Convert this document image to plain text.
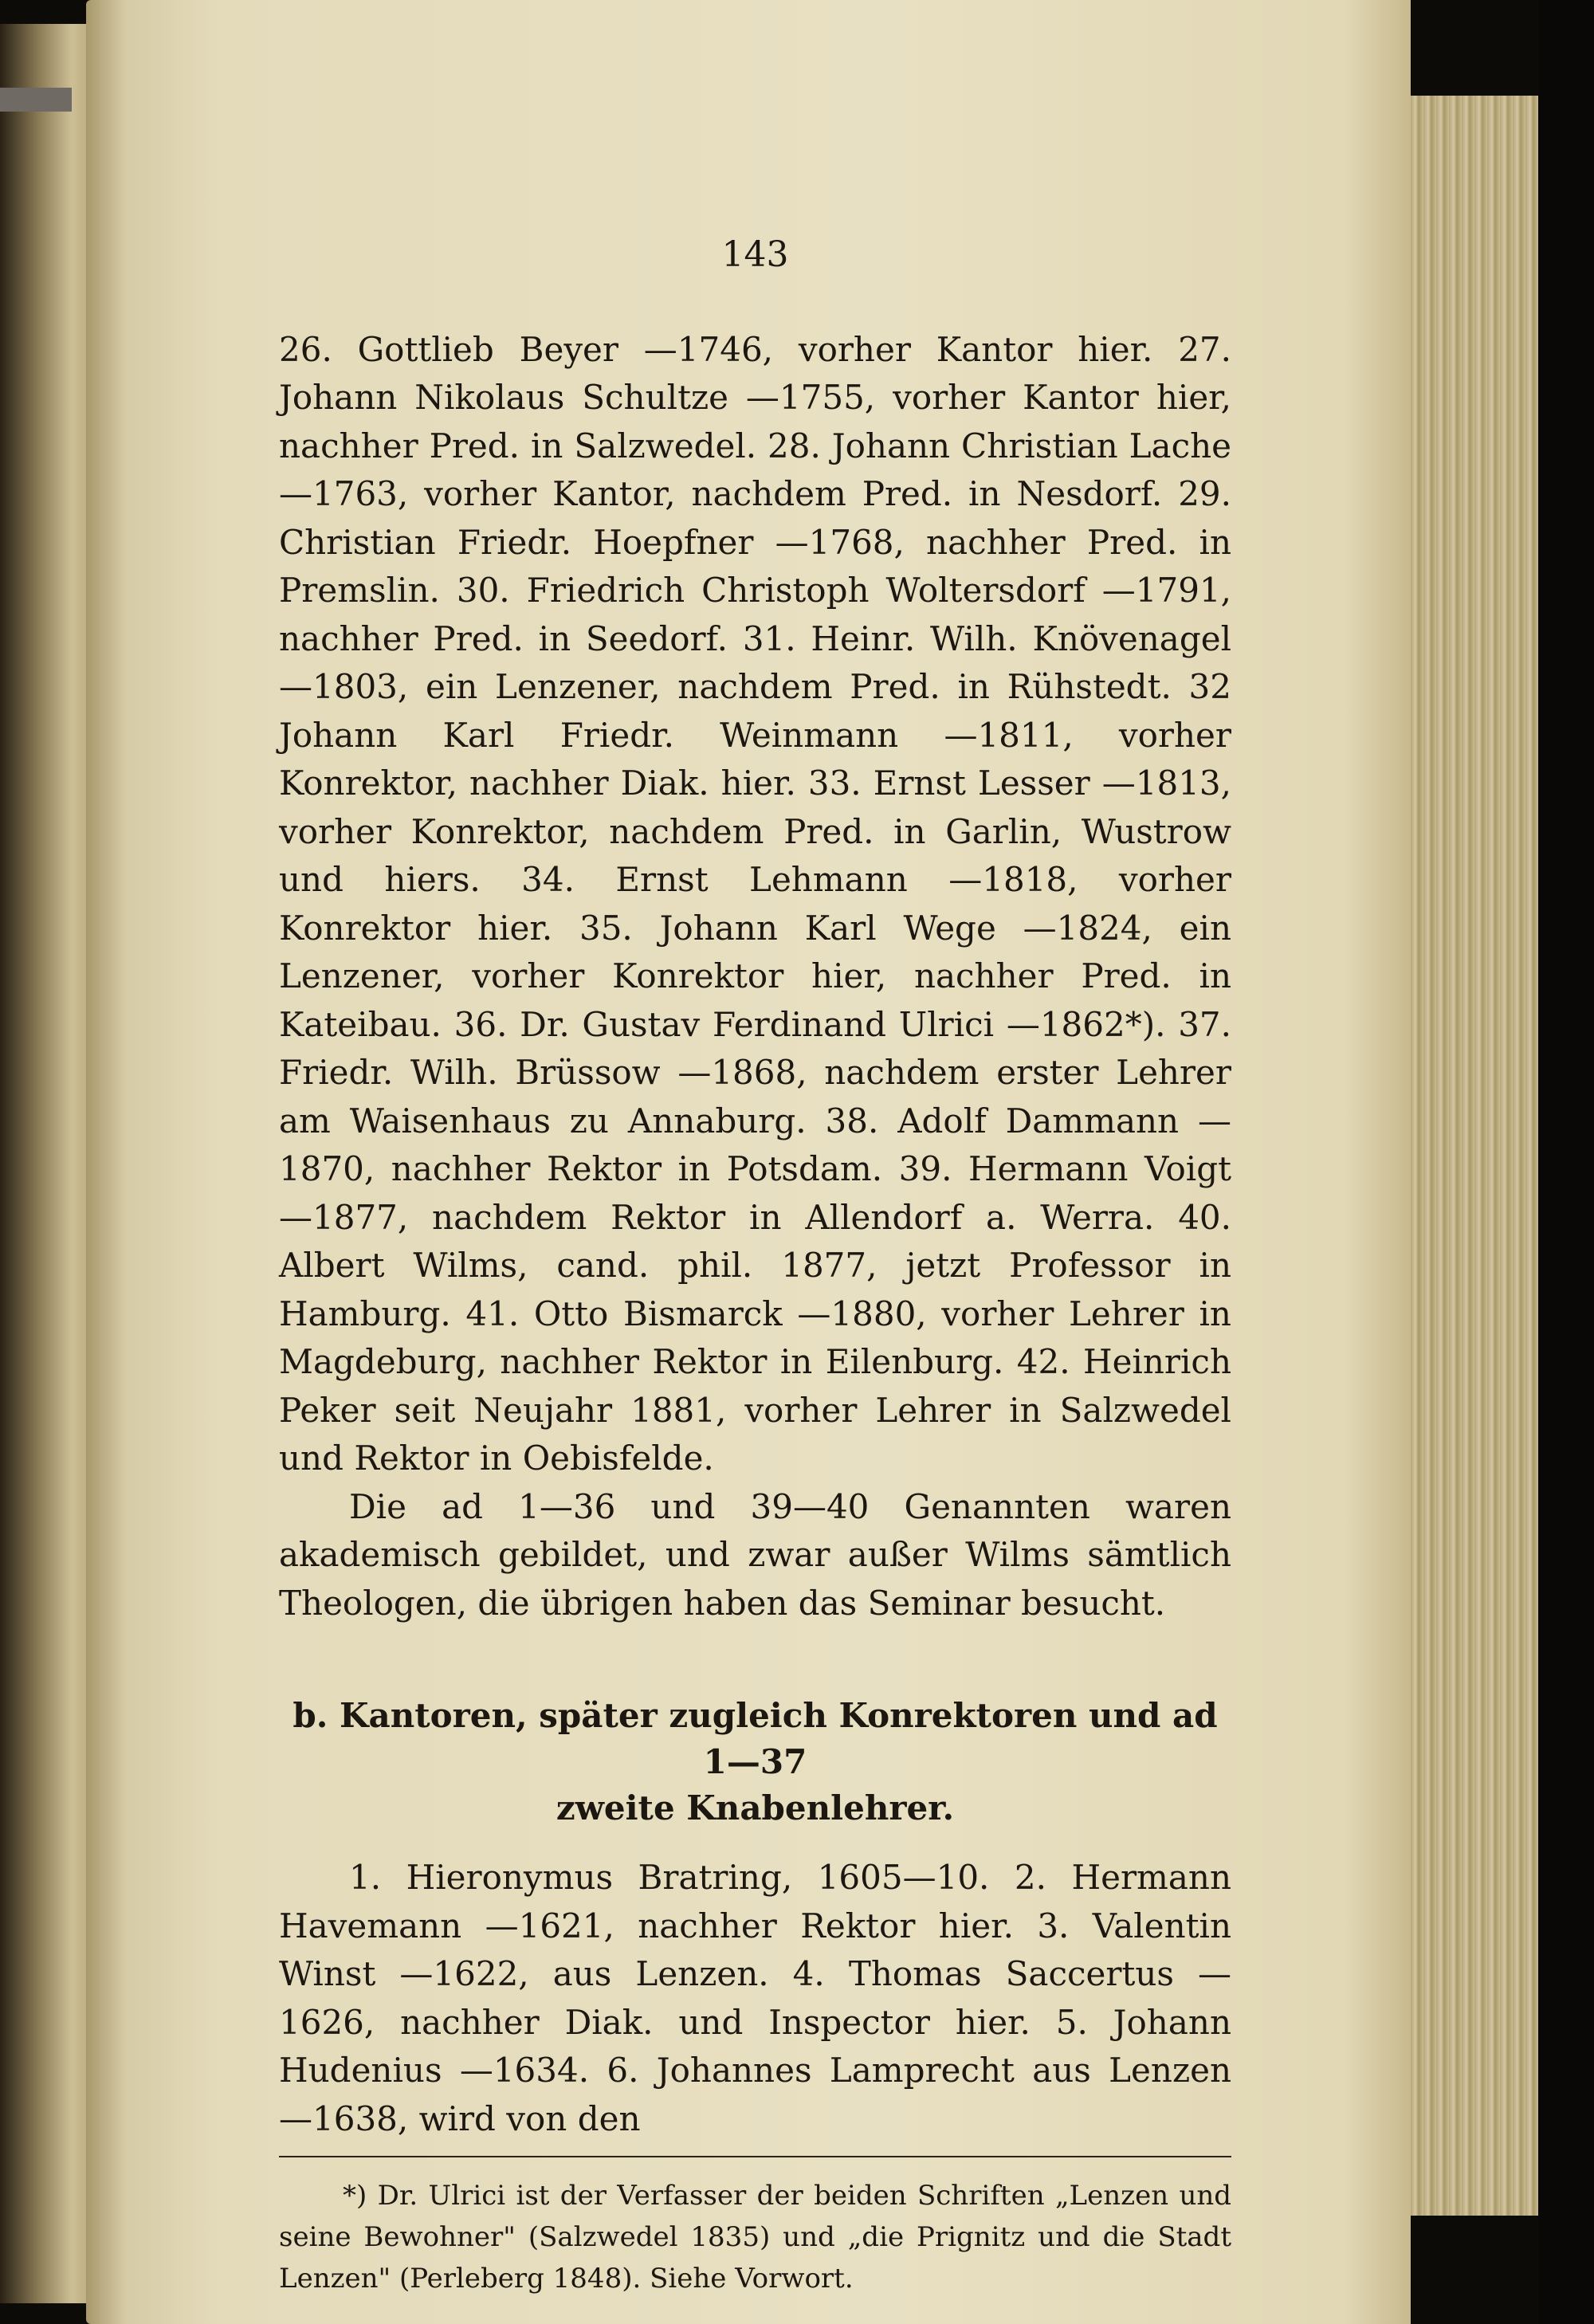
143

26. Gottlieb Beyer —1746, vorher Kantor hier. 27. Johann Nikolaus Schultze —1755, vorher Kantor hier, nachher Pred. in Salzwedel. 28. Johann Christian Lache —1763, vorher Kantor, nachdem Pred. in Nesdorf. 29. Christian Friedr. Hoepfner —1768, nachher Pred. in Premslin. 30. Friedrich Christoph Woltersdorf —1791, nachher Pred. in Seedorf. 31. Heinr. Wilh. Knövenagel —1803, ein Lenzener, nachdem Pred. in Rühstedt. 32 Johann Karl Friedr. Weinmann —1811, vorher Konrektor, nachher Diak. hier. 33. Ernst Lesser —1813, vorher Konrektor, nachdem Pred. in Garlin, Wustrow und hiers. 34. Ernst Lehmann —1818, vorher Konrektor hier. 35. Johann Karl Wege —1824, ein Lenzener, vorher Konrektor hier, nachher Pred. in Kateibau. 36. Dr. Gustav Ferdinand Ulrici —1862*). 37. Friedr. Wilh. Brüssow —1868, nachdem erster Lehrer am Waisenhaus zu Annaburg. 38. Adolf Dammann —1870, nachher Rektor in Potsdam. 39. Hermann Voigt —1877, nachdem Rektor in Allendorf a. Werra. 40. Albert Wilms, cand. phil. 1877, jetzt Professor in Hamburg. 41. Otto Bismarck —1880, vorher Lehrer in Magdeburg, nachher Rektor in Eilenburg. 42. Heinrich Peker seit Neujahr 1881, vorher Lehrer in Salzwedel und Rektor in Oebisfelde.

Die ad 1—36 und 39—40 Genannten waren akademisch gebildet, und zwar außer Wilms sämtlich Theologen, die übrigen haben das Seminar besucht.

b. Kantoren, später zugleich Konrektoren und ad 1—37
zweite Knabenlehrer.

1. Hieronymus Bratring, 1605—10. 2. Hermann Havemann —1621, nachher Rektor hier. 3. Valentin Winst —1622, aus Lenzen. 4. Thomas Saccertus —1626, nachher Diak. und Inspector hier. 5. Johann Hudenius —1634. 6. Johannes Lamprecht aus Lenzen —1638, wird von den

*) Dr. Ulrici ist der Verfasser der beiden Schriften „Lenzen und seine Bewohner" (Salzwedel 1835) und „die Prignitz und die Stadt Lenzen" (Perleberg 1848). Siehe Vorwort.
